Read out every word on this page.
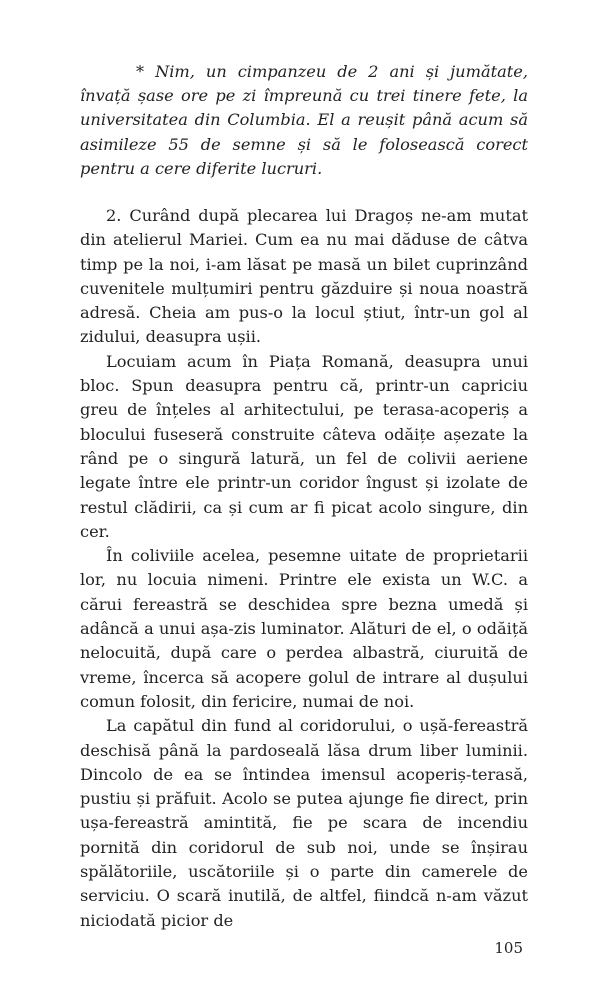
* Nim, un cimpanzeu de 2 ani și jumătate, învață șase ore pe zi împreună cu trei tinere fete, la universitatea din Columbia. El a reușit până acum să asimileze 55 de semne și să le folosească corect pentru a cere diferite lucruri.

2. Curând după plecarea lui Dragoș ne-am mutat din atelierul Mariei. Cum ea nu mai dăduse de câtva timp pe la noi, i-am lăsat pe masă un bilet cuprinzând cuvenitele mulțumiri pentru găzduire și noua noastră adresă. Cheia am pus-o la locul știut, într-un gol al zidului, deasupra ușii.

Locuiam acum în Piața Romană, deasupra unui bloc. Spun deasupra pentru că, printr-un capriciu greu de înțeles al arhitectului, pe terasa-acoperiș a blocului fuseseră construite câteva odăițe așezate la rând pe o singură latură, un fel de colivii aeriene legate între ele printr-un coridor îngust și izolate de restul clădirii, ca și cum ar fi picat acolo singure, din cer.

În coliviile acelea, pesemne uitate de proprietarii lor, nu locuia nimeni. Printre ele exista un W.C. a cărui fereastră se deschidea spre bezna umedă și adâncă a unui așa-zis luminator. Alături de el, o odăiță nelocuită, după care o perdea albastră, ciuruită de vreme, încerca să acopere golul de intrare al dușului comun folosit, din fericire, numai de noi.

La capătul din fund al coridorului, o ușă-fereastră deschisă până la pardoseală lăsa drum liber luminii. Dincolo de ea se întindea imensul acoperiș-terasă, pustiu și prăfuit. Acolo se putea ajunge fie direct, prin ușa-fereastră amintită, fie pe scara de incendiu pornită din coridorul de sub noi, unde se înșirau spălătoriile, uscătoriile și o parte din camerele de serviciu. O scară inutilă, de altfel, fiindcă n-am văzut niciodată picior de

105
